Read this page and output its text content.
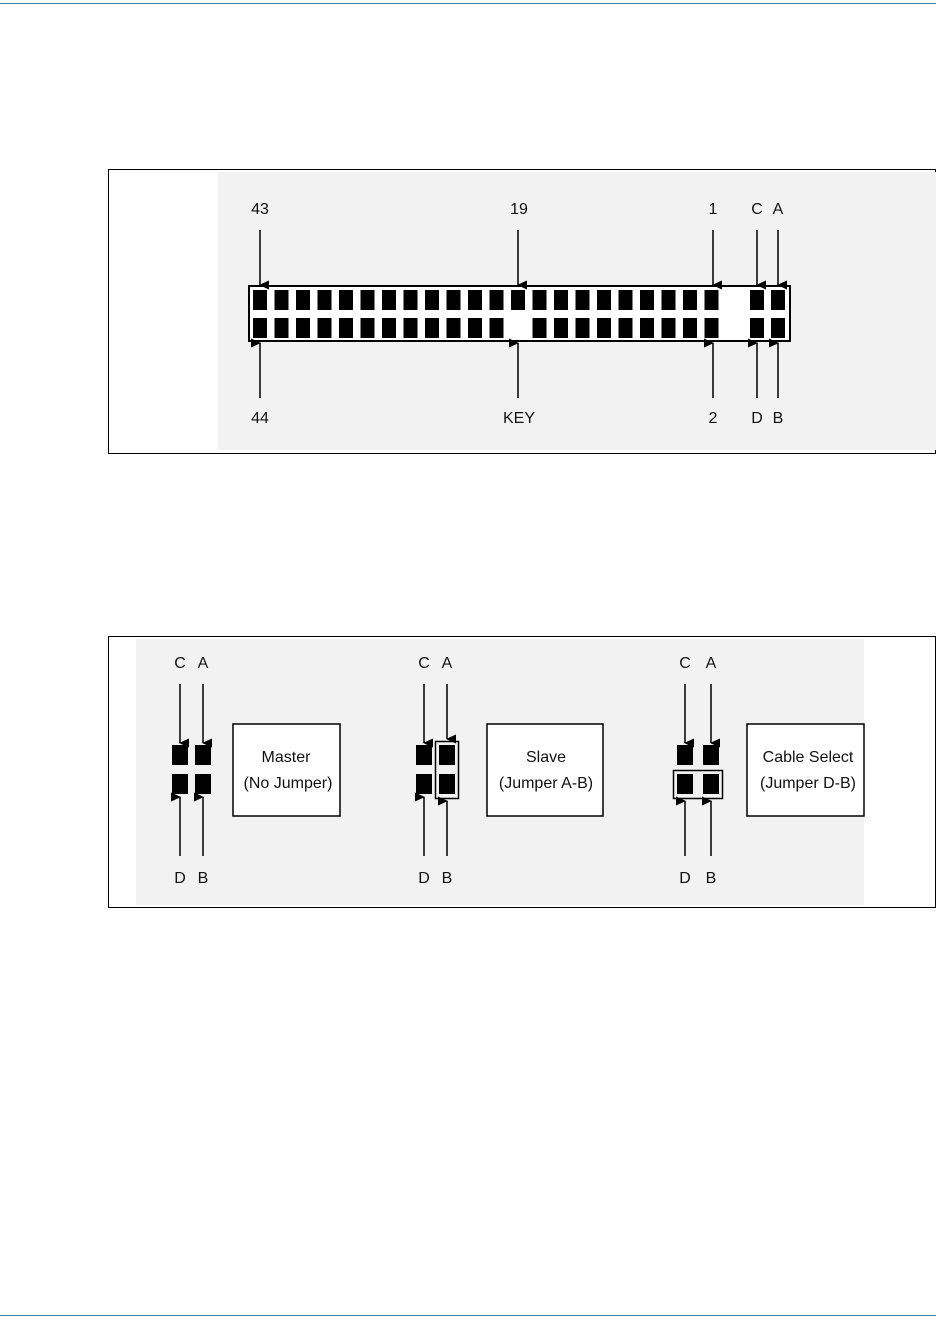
43	19	1 C A
44	KEY	2 D B
C A
D B
Master
(No Jumper)
C A
D B
Slave
(Jumper A-B)
C A
D B
Cable Select
(Jumper D-B)
